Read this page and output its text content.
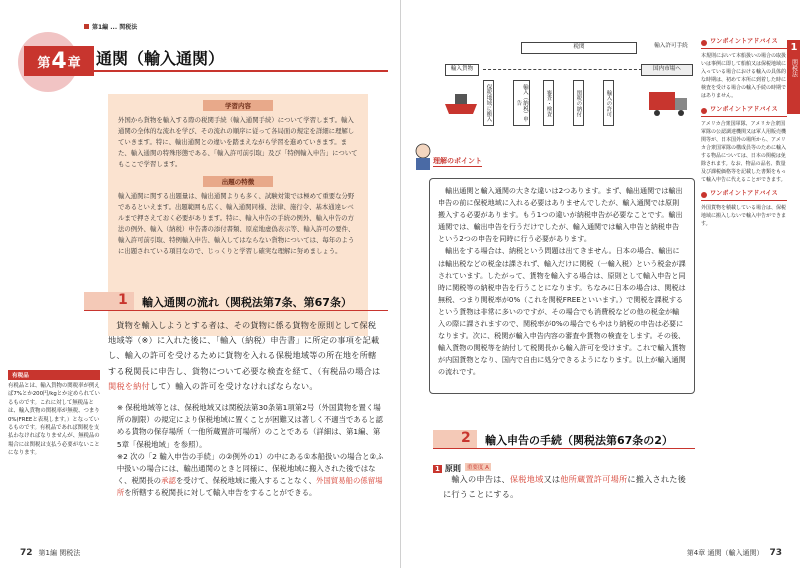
第1編 ... 関税法
第 4 章 通関（輸入通関）
学習内容

外国から貨物を輸入する際の税関手続（輸入通関手続）について学習します。輸入通関の全体的な流れを学び、その流れの順序に従って各局面の規定を詳細に理解していきます。特に、輸出通関との違いを踏まえながら学習を進めていきます。また、輸入通関の特殊形態である、「輸入許可前引取」及び「特例輸入申告」についてもここで学習します。

出題の特徴

輸入通関に関する出題量は、輸出通関よりも多く、試験対策では極めて重要な分野であるといえます。出題範囲も広く、輸入通関同様、法律、施行令、基本通達レベルまで押さえておく必要があります。特に、輸入申告の手続の例外、輸入申告の方法の例外、輸入（納税）申告書の添付書類、原産地虚偽表示等、輸入許可の要件、輸入許可前引取、特例輸入申告、輸入してはならない貨物については、毎年のように出題されている項目なので、じっくりと学習し確実な理解に努めましょう。

1 輸入通関の流れ（関税法第7条、第67条）

貨物を輸入しようとする者は、その貨物に係る貨物を原則として保税地域等（※）に入れた後に、「輸入（納税）申告書」に所定の事項を記載し、輸入の許可を受けるために貨物を入れる保税地域等の所在地を所轄する税関長に申告し、貨物について必要な検査を経て、（有税品の場合は関税を納付して）輸入の許可を受けなければならない。

※ 保税地域等とは、保税地域又は関税法第30条第1項第2号（外国貨物を置く場所の制限）の規定により保税地域に置くことが困難又は著しく不適当であると認める貨物の保存場所（一他所蔵置許可場所）のことである（詳細は、第1編、第5章「保税地域」を参照）。

※2 次の「2 輸入申告の手続」の②例外の1）の中にある①本船扱いの場合と②ふ中扱いの場合には、輸出通関のときと同様に、保税地域に搬入された後ではなく、税関長の承認を受けて、保税地域に搬入することなく、外国貿易船の係留場所を所轄する税関長に対して輸入申告をすることができる。

有税品
有税品とは、輸入貨物の関税率が例えば7%とか200円/kgとか定められているものです。これに対して無税品とは、輸入貨物の関税率が無税、つまり0%(FREEと表現します。）となっているものです。有税品であれば関税を支払わなければなりませんが、無税品の場合には関税は支払う必要がないことになります。
72 第1編 関税法
税関	輸入許可手続
輸入貨物	国内市場へ
保税地域に搬入	輸入（納税）申告	審査・検査	関税の納付	輸入の許可
理解のポイント

輸出通関と輸入通関の大きな違いは2つあります。まず、輸出通関では輸出申告の前に保税地域に入れる必要はありませんでしたが、輸入通関では原則搬入する必要があります。もう1つの違いが納税申告が必要なことです。輸出通関では、輸出申告を行うだけでしたが、輸入通関では輸入申告と納税申告という2つの申告を同時に行う必要があります。

輸出をする場合は、納税という問題は出てきません。日本の場合、輸出には輸出税などの税金は課されず、輸入だけに関税（一輸入税）という税金が課されています。したがって、貨物を輸入する場合は、原則として輸入申告と同時に関税等の納税申告を行うことになります。ちなみに日本の場合は、関税は無税、つまり関税率が0%（これを関税FREEといいます。）で関税を課税するという貨物は非常に多いのですが、その場合でも消費税などの他の税金が輸入の際に課されますので、関税率が0%の場合でもやはり納税の申告は必要になります。次に、税関が輸入申告内容の審査や貨物の検査をします。その後、輸入貨物の関税等を納付して税関長から輸入許可を受けます。これで輸入貨物が内国貨物となり、国内で自由に処分できるようになります。以上が輸入通関の流れです。

2 輸入申告の手続（関税法第67条の2）
1 原則 重要度 A

輸入の申告は、保税地域又は他所蔵置許可場所に搬入された後に行うことにする。

ワンポイントアドバイス
本規則において本船扱いの場合の取扱いは事例に即して船舶又は保税地域に入っている場合における輸入の具体的な時期は、初めて本所に到着した時に検査を受ける場合の輸入手続の時期ではありません。
ワンポイントアドバイス
アメリカ合衆国軍隊、アメリカ合衆国軍隊の公認調達機関又は軍人用販売機関等が、日本国外の場所から、アメリカ合衆国軍隊の構成員等のために輸入する物品については、日本の関税は免除されます。なお、物品の品名、数量及び課税価格等を記載した書類をもって輸入申告に代えることができます。
ワンポイントアドバイス
外国貨物を積載している場合は、保税地域に搬入しないで輸入申告ができます。
1
関税法
第4章 通関（輸入通関） 73
